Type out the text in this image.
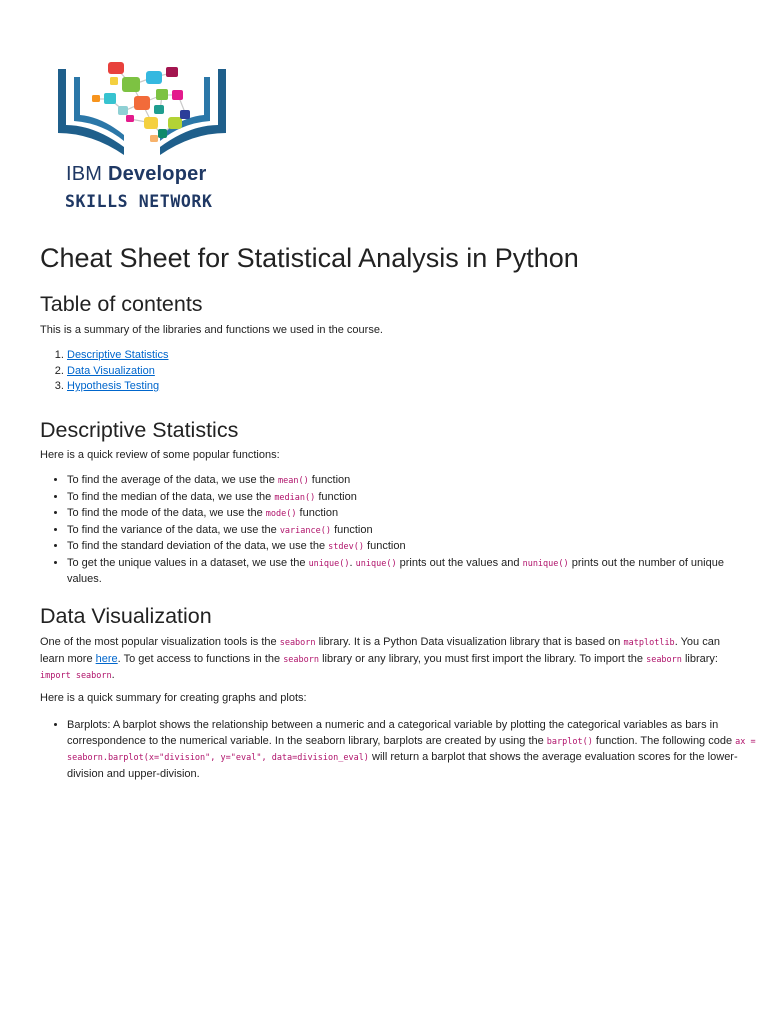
IBM Developer
SKILLS NETWORK
Cheat Sheet for Statistical Analysis in Python
Table of contents

This is a summary of the libraries and functions we used in the course.

1. Descriptive Statistics
2. Data Visualization
3. Hypothesis Testing
Descriptive Statistics

Here is a quick review of some popular functions:

• To find the average of the data, we use the mean() function
• To find the median of the data, we use the median() function
• To find the mode of the data, we use the mode() function
• To find the variance of the data, we use the variance() function
• To find the standard deviation of the data, we use the stdev() function
• To get the unique values in a dataset, we use the unique(). unique() prints out the values and nunique() prints out the number of unique values.
Data Visualization

One of the most popular visualization tools is the seaborn library. It is a Python Data visualization library that is based on matplotlib. You can learn more here. To get access to functions in the seaborn library or any library, you must first import the library. To import the seaborn library: import seaborn.

Here is a quick summary for creating graphs and plots:

• Barplots: A barplot shows the relationship between a numeric and a categorical variable by plotting the categorical variables as bars in correspondence to the numerical variable. In the seaborn library, barplots are created by using the barplot() function. The following code ax = seaborn.barplot(x="division", y="eval", data=division_eval) will return a barplot that shows the average evaluation scores for the lower-division and upper-division.
